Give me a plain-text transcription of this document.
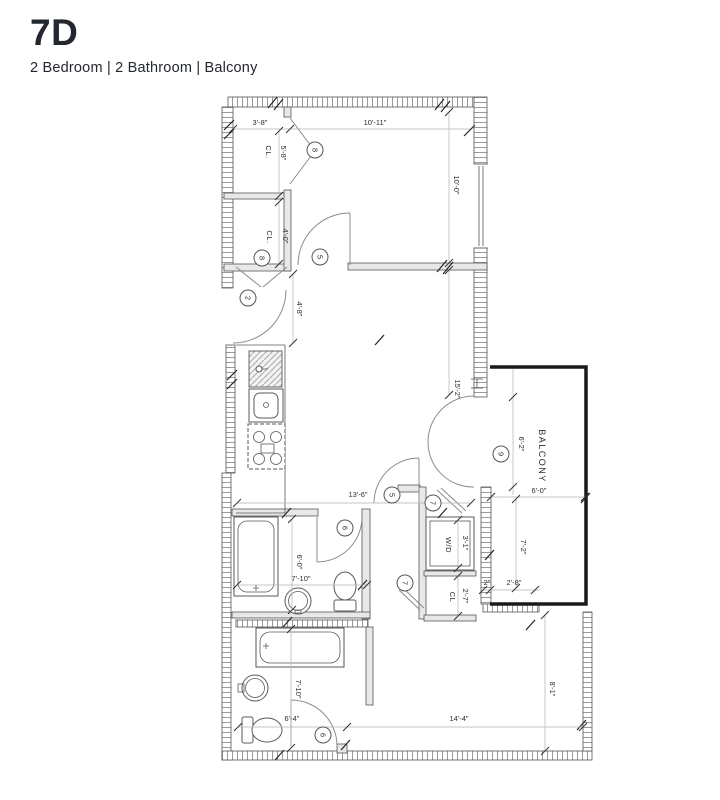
7D

2 Bedroom | 2 Bathroom | Balcony

3'-8"	10'-11"
5'-8"
4'-0"
10'-0"
4'-8"
15'-2"
13'-6"
6'-2"
6'-0"
7'-2"
2" 2'-8"
3'-1"
2'-7"
6'-0"
7'-10"
7'-10"
6'-4"	14'-4"
8'-1"
CL.
CL.
CL
W/D
BALCONY
8
8
2
5
5
6
7
7
9
6
